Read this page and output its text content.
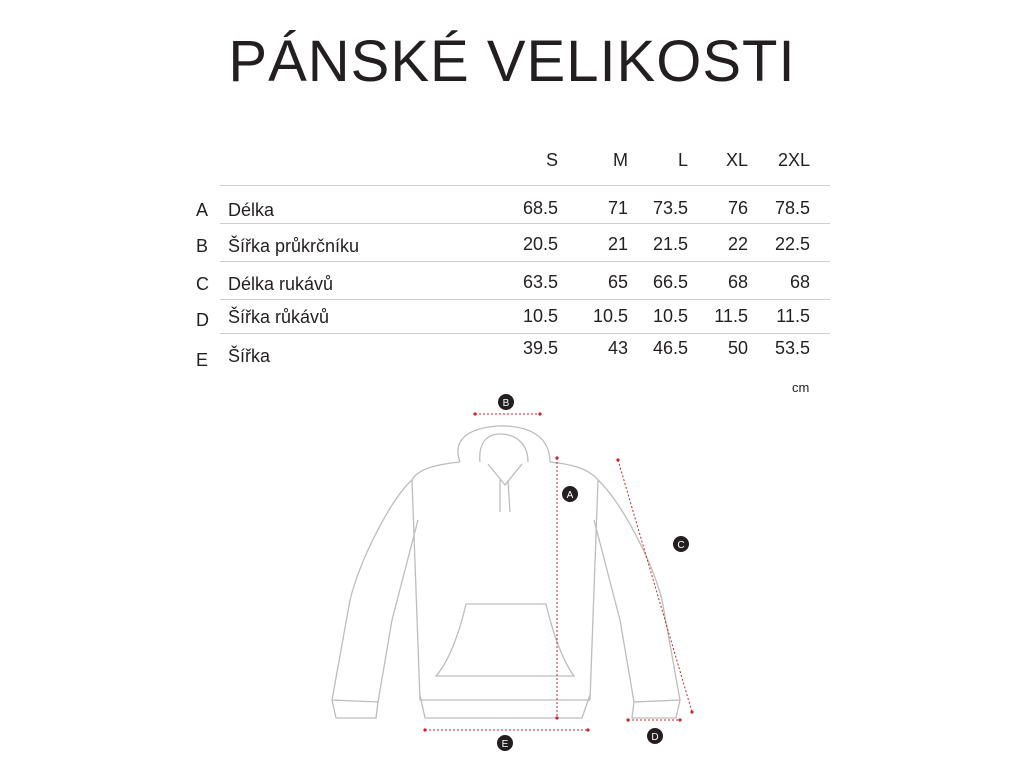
PÁNSKÉ VELIKOSTI
S	M	L	XL	2XL
A Délka	68.5	71	73.5	76	78.5
B Šířka průkrčníku	20.5	21	21.5	22	22.5
C Délka rukávů	63.5	65	66.5	68	68
D Šířka růkávů	10.5	10.5	10.5	11.5	11.5
E Šířka	39.5	43	46.5	50	53.5
cm
B
A
C
D
E
